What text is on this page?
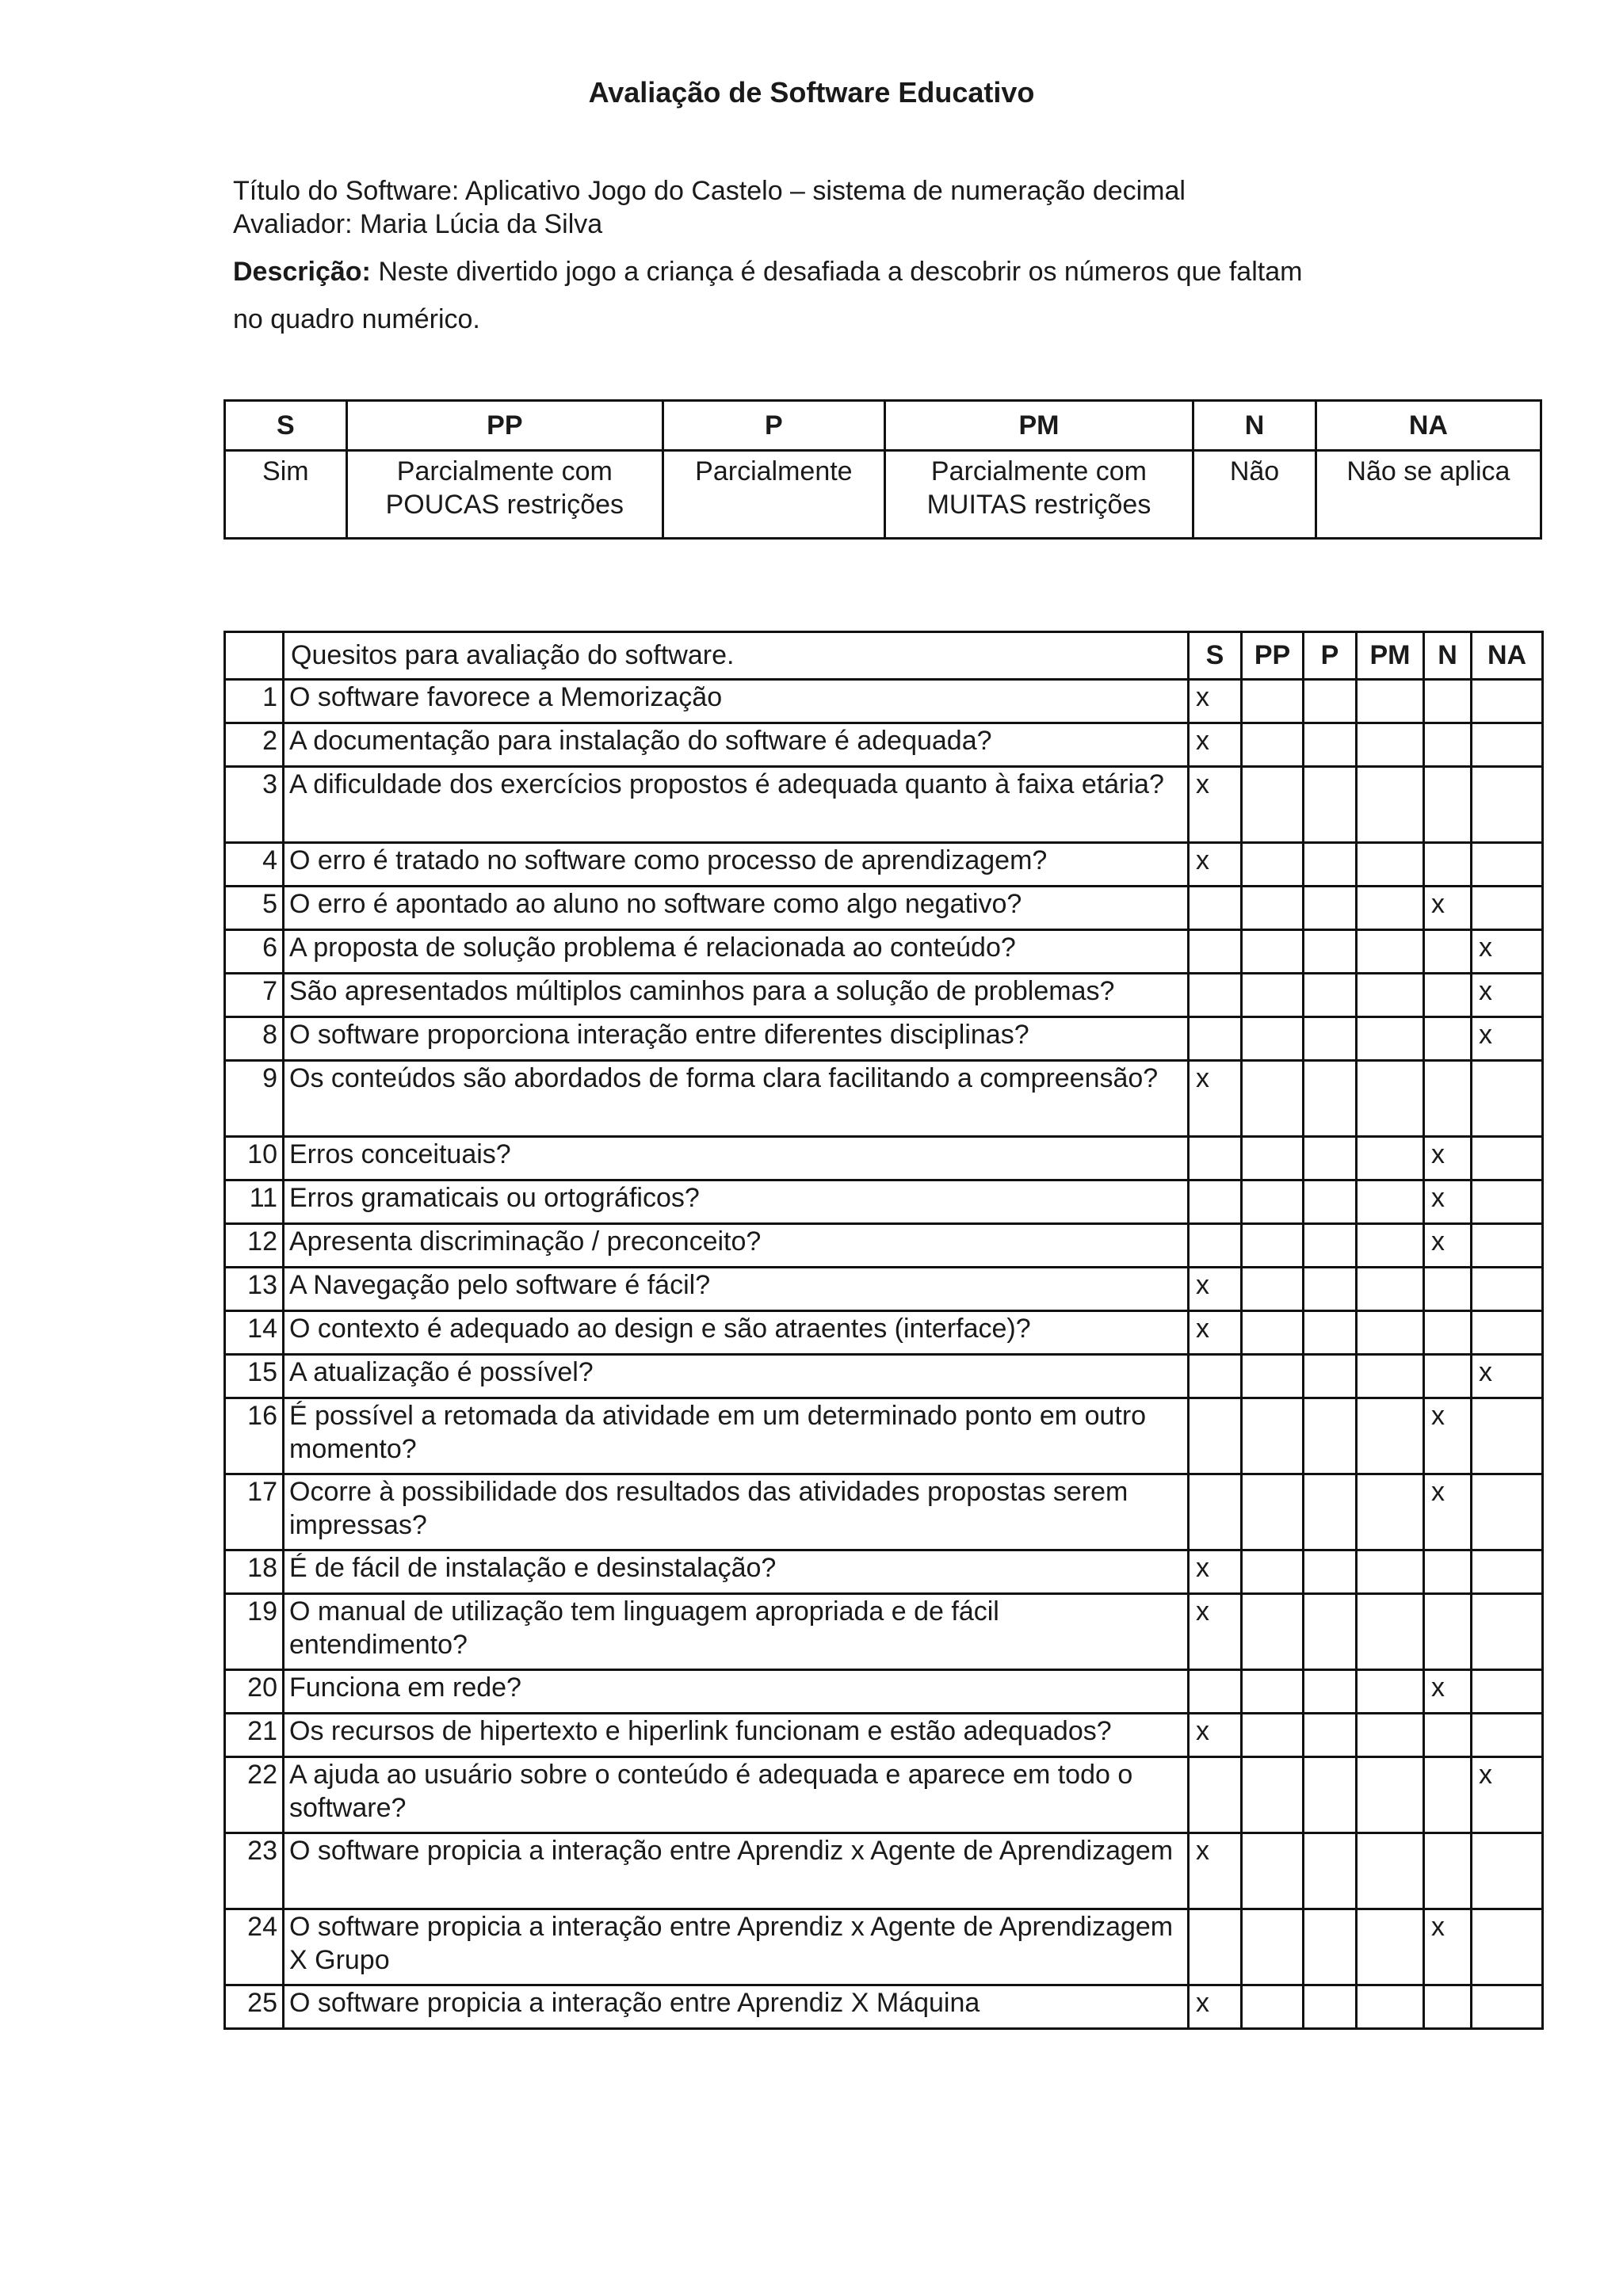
Avaliação de Software Educativo
Título do Software: Aplicativo Jogo do Castelo – sistema de numeração decimal
Avaliador: Maria Lúcia da Silva
Descrição: Neste divertido jogo a criança é desafiada a descobrir os números que faltam
no quadro numérico.
S	PP	P	PM	N	NA
Sim	Parcialmente com POUCAS restrições	Parcialmente	Parcialmente com MUITAS restrições	Não	Não se aplica
	Quesitos para avaliação do software.	S	PP	P	PM	N	NA
1	O software favorece a Memorização	x					
2	A documentação para instalação do software é adequada?	x					
3	A dificuldade dos exercícios propostos é adequada quanto à faixa etária?	x					
4	O erro é tratado no software como processo de aprendizagem?	x					
5	O erro é apontado ao aluno no software como algo negativo?					x	
6	A proposta de solução problema é relacionada ao conteúdo?						x
7	São apresentados múltiplos caminhos para a solução de problemas?						x
8	O software proporciona interação entre diferentes disciplinas?						x
9	Os conteúdos são abordados de forma clara facilitando a compreensão?	x					
10	Erros conceituais?					x	
11	Erros gramaticais ou ortográficos?					x	
12	Apresenta discriminação / preconceito?					x	
13	A Navegação pelo software é fácil?	x					
14	O contexto é adequado ao design e são atraentes (interface)?	x					
15	A atualização é possível?						x
16	É possível a retomada da atividade em um determinado ponto em outro momento?					x	
17	Ocorre à possibilidade dos resultados das atividades propostas serem impressas?					x	
18	É de fácil de instalação e desinstalação?	x					
19	O manual de utilização tem linguagem apropriada e de fácil entendimento?	x					
20	Funciona em rede?					x	
21	Os recursos de hipertexto e hiperlink funcionam e estão adequados?	x					
22	A ajuda ao usuário sobre o conteúdo é adequada e aparece em todo o software?						x
23	O software propicia a interação entre Aprendiz x Agente de Aprendizagem	x					
24	O software propicia a interação entre Aprendiz x Agente de Aprendizagem X Grupo					x	
25	O software propicia a interação entre Aprendiz X Máquina	x					
